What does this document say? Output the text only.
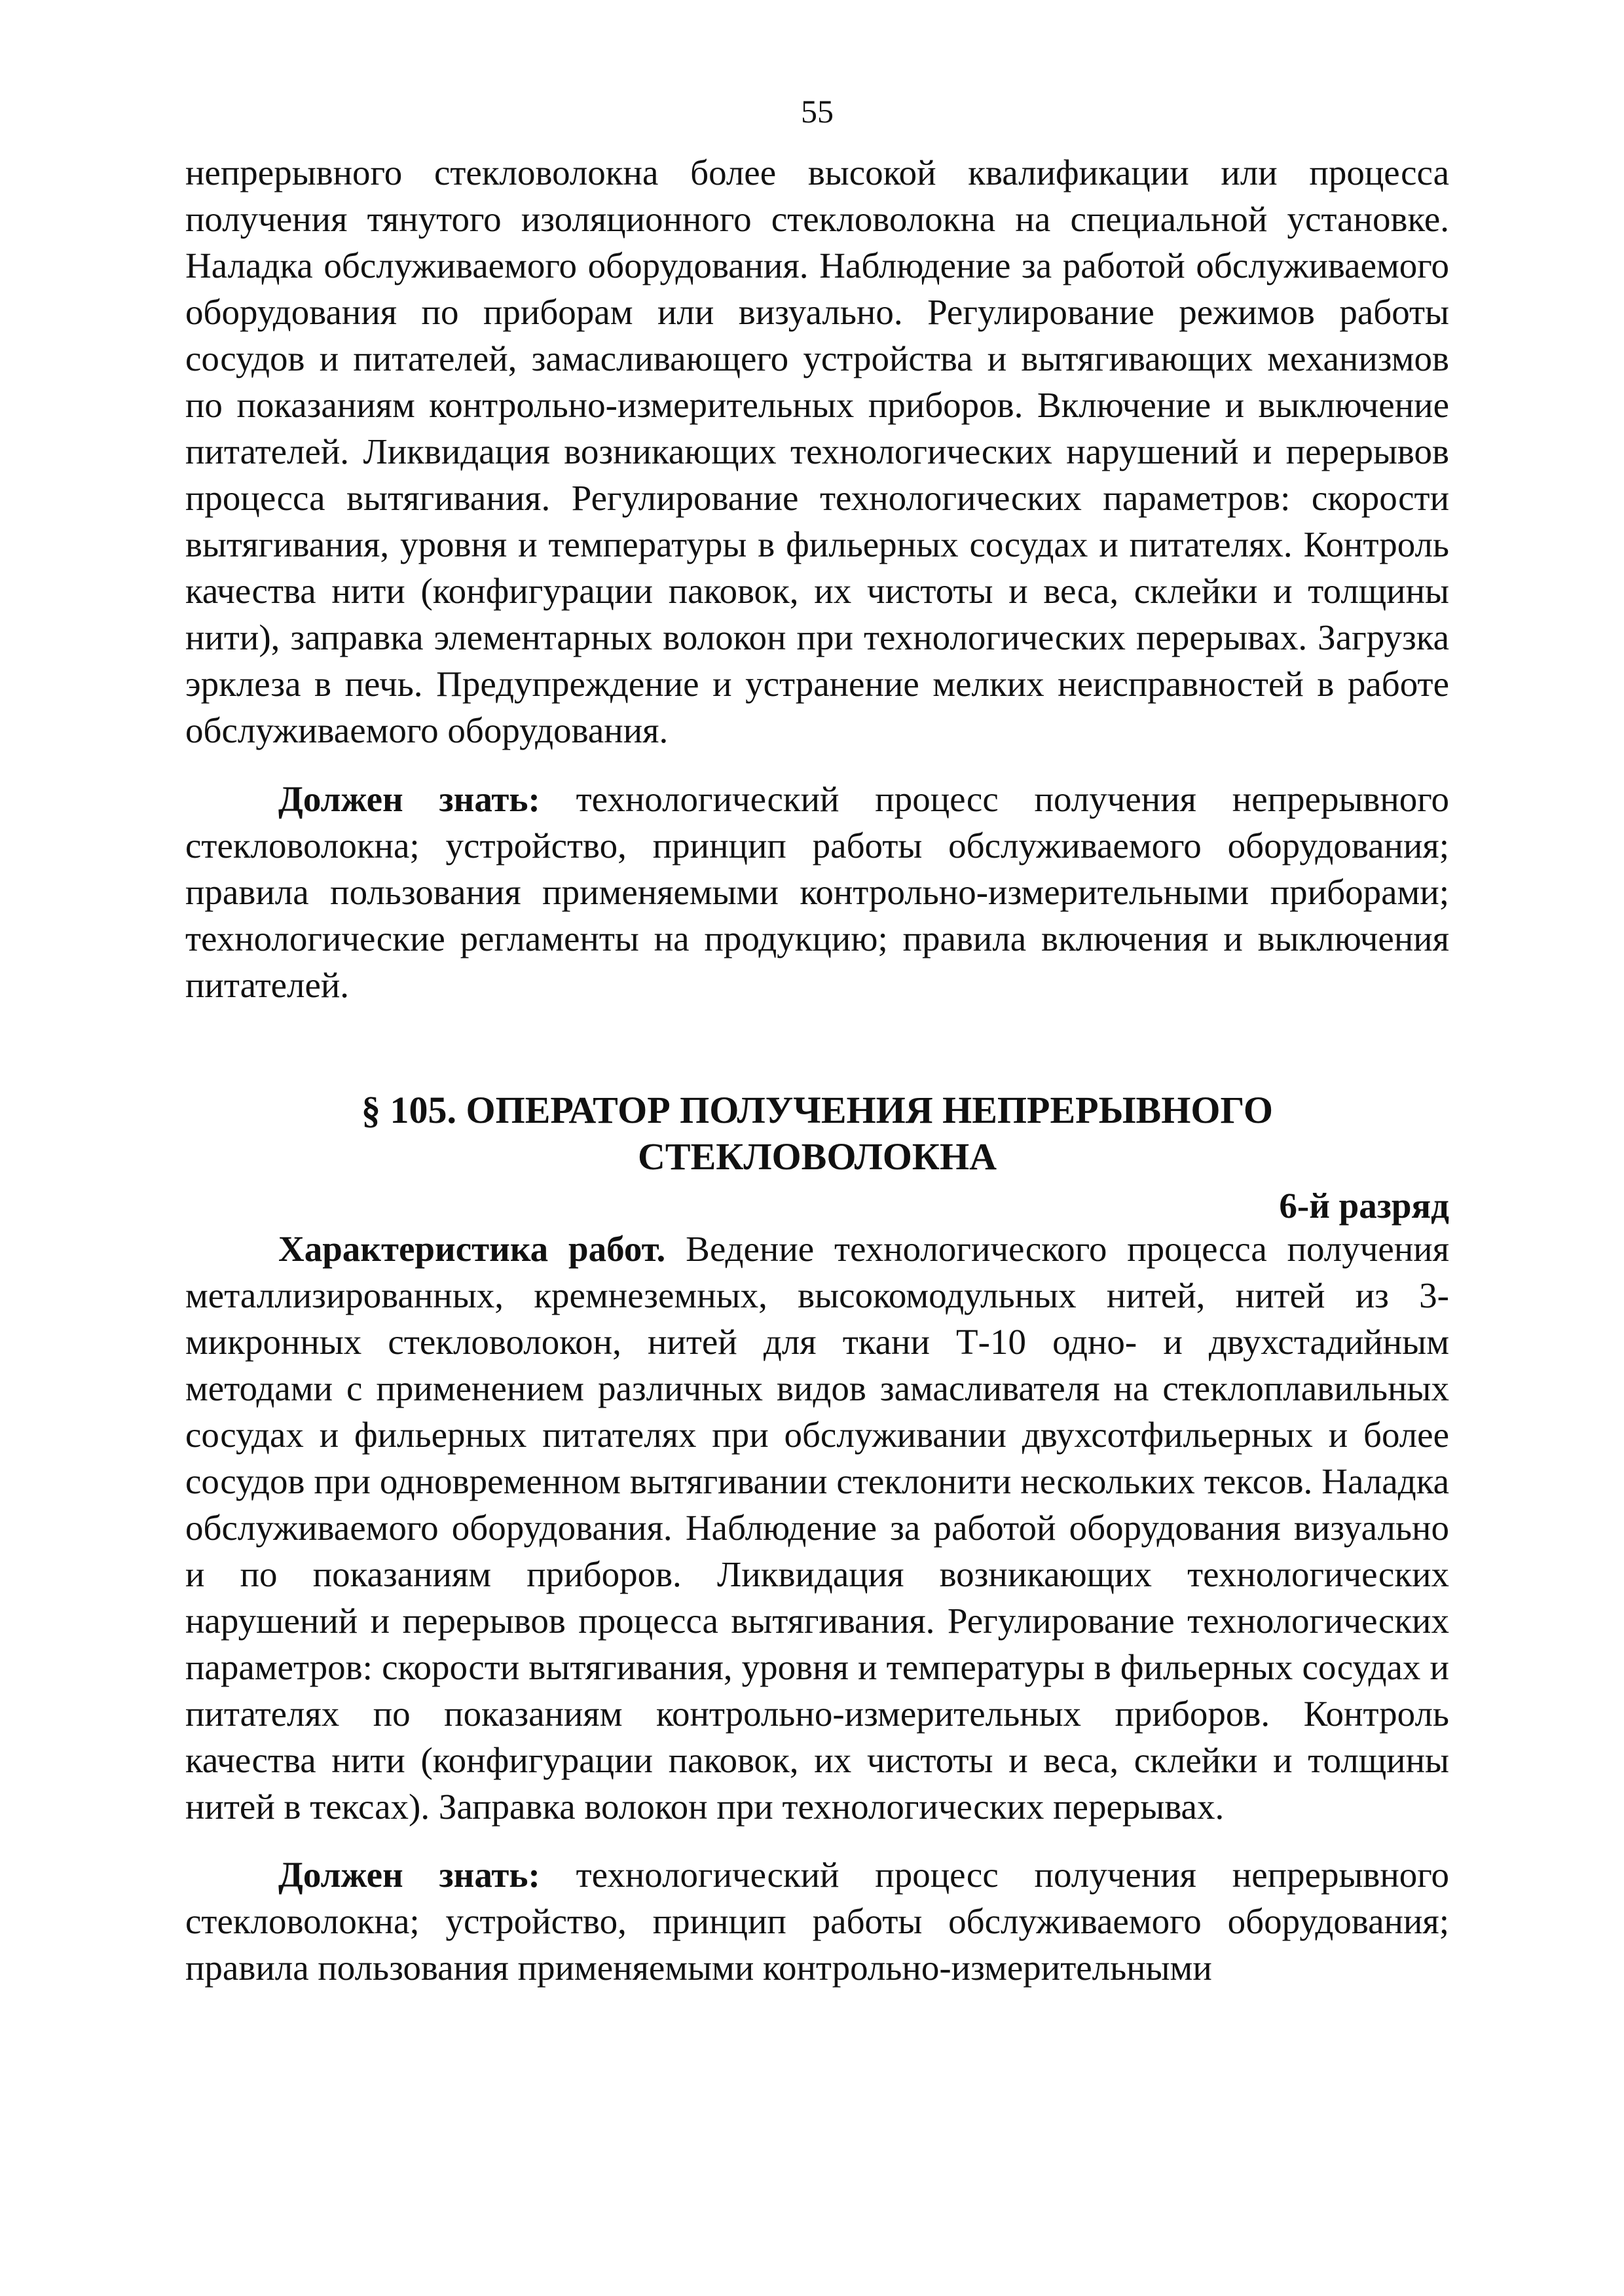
55

непрерывного стекловолокна более высокой квалификации или процесса получения тянутого изоляционного стекловолокна на специальной установке. Наладка обслуживаемого оборудования. Наблюдение за работой обслуживаемого оборудования по приборам или визуально. Регулирование режимов работы сосудов и питателей, замасливающего устройства и вытягивающих механизмов по показаниям контрольно-измерительных приборов. Включение и выключение питателей. Ликвидация возникающих технологических нарушений и перерывов процесса вытягивания. Регулирование технологических параметров: скорости вытягивания, уровня и температуры в фильерных сосудах и питателях. Контроль качества нити (конфигурации паковок, их чистоты и веса, склейки и толщины нити), заправка элементарных волокон при технологических перерывах. Загрузка эрклеза в печь. Предупреждение и устранение мелких неисправностей в работе обслуживаемого оборудования.

Должен знать: технологический процесс получения непрерывного стекловолокна; устройство, принцип работы обслуживаемого оборудования; правила пользования применяемыми контрольно-измерительными приборами; технологические регламенты на продукцию; правила включения и выключения питателей.

§ 105. ОПЕРАТОР ПОЛУЧЕНИЯ НЕПРЕРЫВНОГО
СТЕКЛОВОЛОКНА
6-й разряд

Характеристика работ. Ведение технологического процесса получения металлизированных, кремнеземных, высокомодульных нитей, нитей из 3-микронных стекловолокон, нитей для ткани Т-10 одно- и двухстадийным методами с применением различных видов замасливателя на стеклоплавильных сосудах и фильерных питателях при обслуживании двухсотфильерных и более сосудов при одновременном вытягивании стеклонити нескольких тексов. Наладка обслуживаемого оборудования. Наблюдение за работой оборудования визуально и по показаниям приборов. Ликвидация возникающих технологических нарушений и перерывов процесса вытягивания. Регулирование технологических параметров: скорости вытягивания, уровня и температуры в фильерных сосудах и питателях по показаниям контрольно-измерительных приборов. Контроль качества нити (конфигурации паковок, их чистоты и веса, склейки и толщины нитей в тексах). Заправка волокон при технологических перерывах.

Должен знать: технологический процесс получения непрерывного стекловолокна; устройство, принцип работы обслуживаемого оборудования; правила пользования применяемыми контрольно-измерительными
